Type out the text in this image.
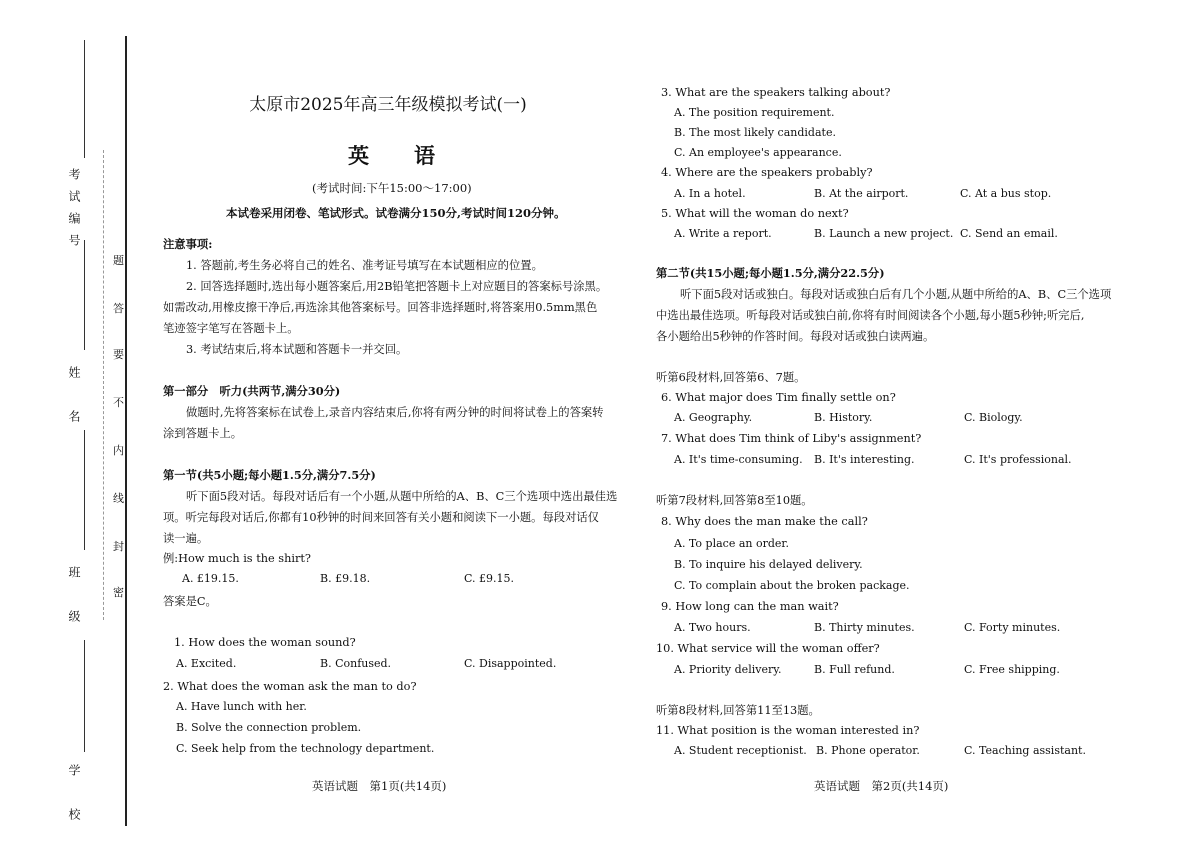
考试编号
姓　名
班　级
学　校
题
答
要
不
内
线
封
密
太原市2025年高三年级模拟考试(一)
英　语
(考试时间:下午15:00～17:00)
本试卷采用闭卷、笔试形式。试卷满分150分,考试时间120分钟。
注意事项:
1. 答题前,考生务必将自己的姓名、准考证号填写在本试题相应的位置。
2. 回答选择题时,选出每小题答案后,用2B铅笔把答题卡上对应题目的答案标号涂黑。
如需改动,用橡皮擦干净后,再选涂其他答案标号。回答非选择题时,将答案用0.5mm黑色
笔迹签字笔写在答题卡上。
3. 考试结束后,将本试题和答题卡一并交回。
第一部分　听力(共两节,满分30分)
做题时,先将答案标在试卷上,录音内容结束后,你将有两分钟的时间将试卷上的答案转
涂到答题卡上。
第一节(共5小题;每小题1.5分,满分7.5分)
听下面5段对话。每段对话后有一个小题,从题中所给的A、B、C三个选项中选出最佳选
项。听完每段对话后,你都有10秒钟的时间来回答有关小题和阅读下一小题。每段对话仅
读一遍。
例:How much is the shirt?
A. £19.15.	B. £9.18.	C. £9.15.
答案是C。
1. How does the woman sound?
A. Excited.	B. Confused.	C. Disappointed.
2. What does the woman ask the man to do?
A. Have lunch with her.
B. Solve the connection problem.
C. Seek help from the technology department.
英语试题　第1页(共14页)
3. What are the speakers talking about?
A. The position requirement.
B. The most likely candidate.
C. An employee's appearance.
4. Where are the speakers probably?
A. In a hotel.	B. At the airport.	C. At a bus stop.
5. What will the woman do next?
A. Write a report.	B. Launch a new project. C. Send an email.
第二节(共15小题;每小题1.5分,满分22.5分)
听下面5段对话或独白。每段对话或独白后有几个小题,从题中所给的A、B、C三个选项
中选出最佳选项。听每段对话或独白前,你将有时间阅读各个小题,每小题5秒钟;听完后,
各小题给出5秒钟的作答时间。每段对话或独白读两遍。
听第6段材料,回答第6、7题。
6. What major does Tim finally settle on?
A. Geography.	B. History.	C. Biology.
7. What does Tim think of Liby's assignment?
A. It's time-consuming. B. It's interesting.	C. It's professional.
听第7段材料,回答第8至10题。
8. Why does the man make the call?
A. To place an order.
B. To inquire his delayed delivery.
C. To complain about the broken package.
9. How long can the man wait?
A. Two hours.	B. Thirty minutes.	C. Forty minutes.
10. What service will the woman offer?
A. Priority delivery.	B. Full refund.	C. Free shipping.
听第8段材料,回答第11至13题。
11. What position is the woman interested in?
A. Student receptionist. B. Phone operator.	C. Teaching assistant.
英语试题　第2页(共14页)
